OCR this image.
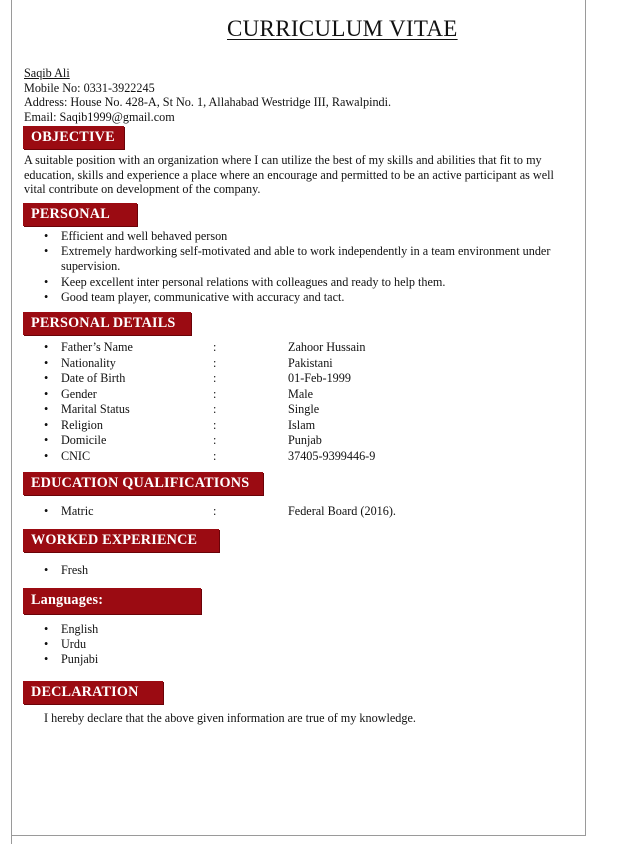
CURRICULUM VITAE
Saqib Ali
Mobile No: 0331-3922245
Address: House No. 428-A, St No. 1, Allahabad Westridge III, Rawalpindi.
Email: Saqib1999@gmail.com
OBJECTIVE
A suitable position with an organization where I can utilize the best of my skills and abilities that fit to my
education, skills and experience a place where an encourage and permitted to be an active participant as well
vital contribute on development of the company.
PERSONAL
• Efficient and well behaved person
• Extremely hardworking self-motivated and able to work independently in a team environment under
supervision.
• Keep excellent inter personal relations with colleagues and ready to help them.
• Good team player, communicative with accuracy and tact.
PERSONAL DETAILS
• Father’s Name	:	Zahoor Hussain
• Nationality	:	Pakistani
• Date of Birth	:	01-Feb-1999
• Gender	:	Male
• Marital Status	:	Single
• Religion	:	Islam
• Domicile	:	Punjab
• CNIC	:	37405-9399446-9
EDUCATION QUALIFICATIONS
• Matric	:	Federal Board (2016).
WORKED EXPERIENCE
• Fresh
Languages:
• English
• Urdu
• Punjabi
DECLARATION
I hereby declare that the above given information are true of my knowledge.
